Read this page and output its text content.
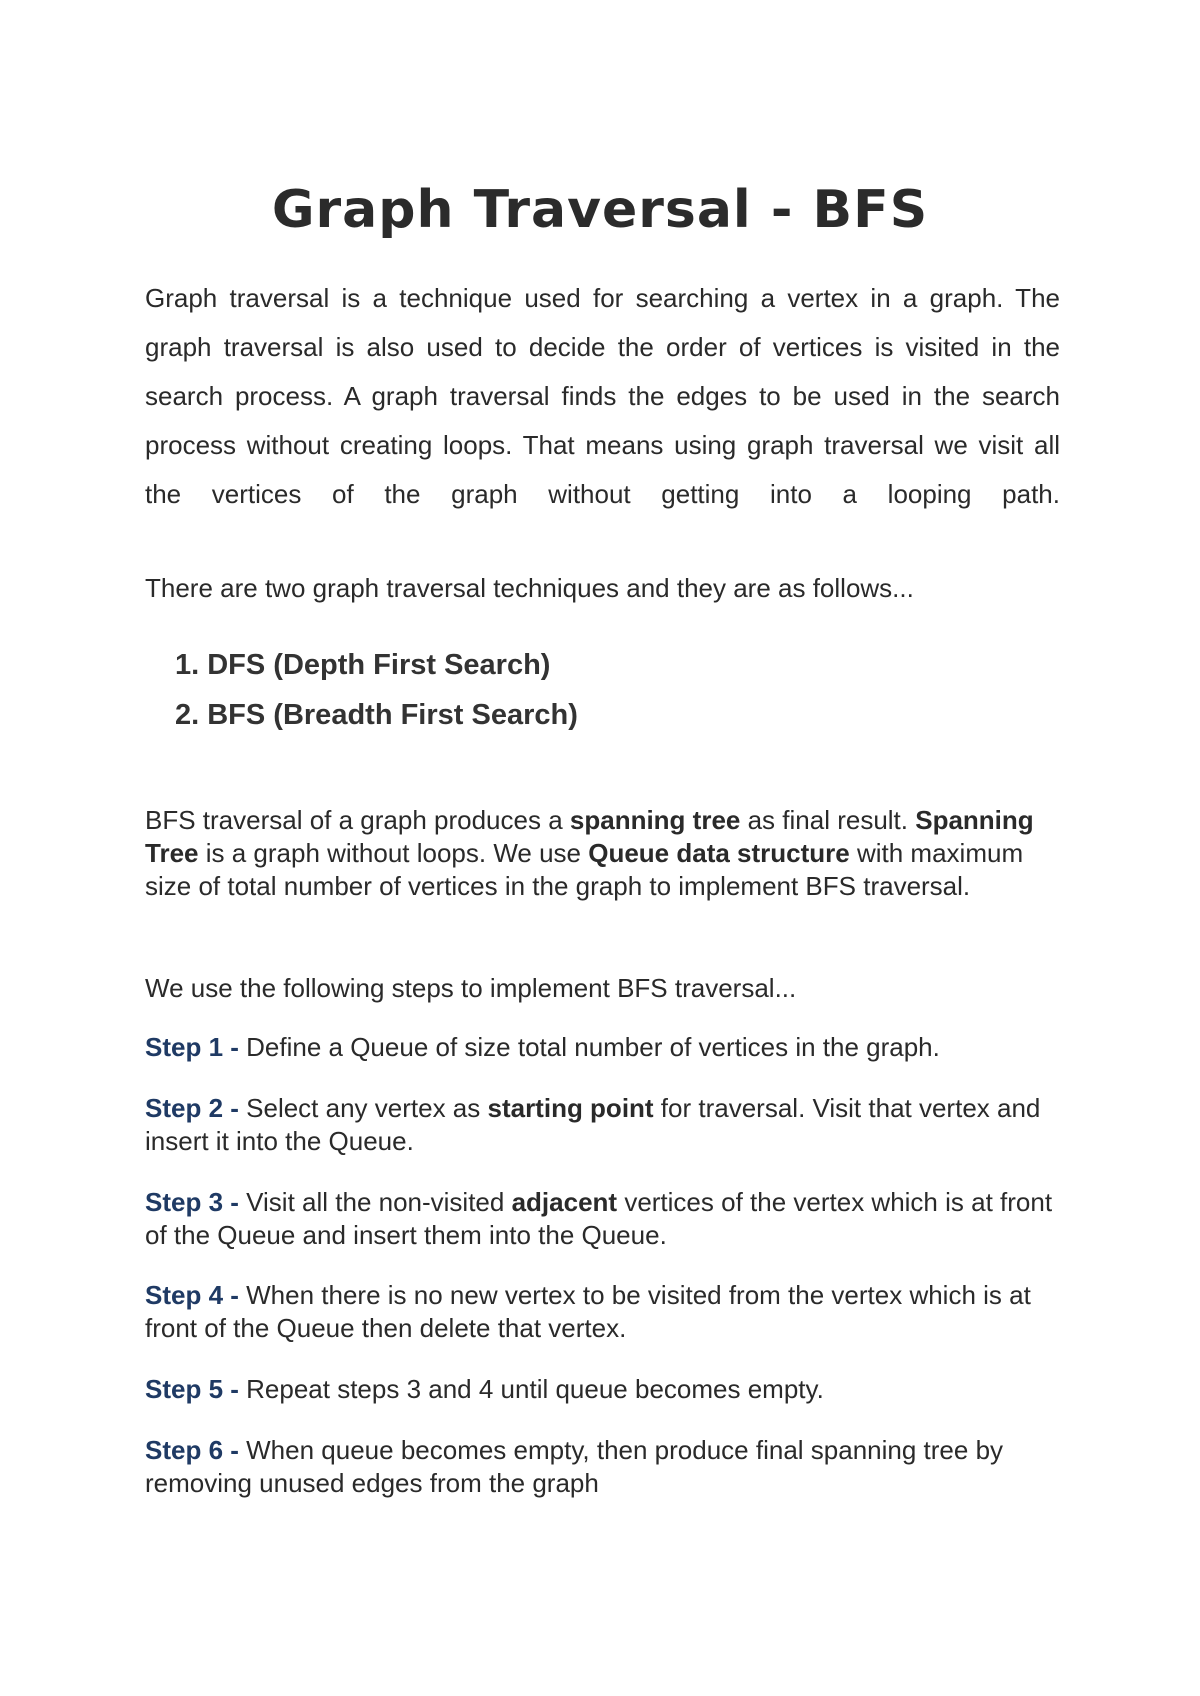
Graph Traversal - BFS

Graph traversal is a technique used for searching a vertex in a graph. The graph traversal is also used to decide the order of vertices is visited in the search process. A graph traversal finds the edges to be used in the search process without creating loops. That means using graph traversal we visit all the vertices of the graph without getting into a looping path.

There are two graph traversal techniques and they are as follows...

1. DFS (Depth First Search)
2. BFS (Breadth First Search)

BFS traversal of a graph produces a spanning tree as final result. Spanning Tree is a graph without loops. We use Queue data structure with maximum size of total number of vertices in the graph to implement BFS traversal.

We use the following steps to implement BFS traversal...

Step 1 - Define a Queue of size total number of vertices in the graph.

Step 2 - Select any vertex as starting point for traversal. Visit that vertex and insert it into the Queue.

Step 3 - Visit all the non-visited adjacent vertices of the vertex which is at front of the Queue and insert them into the Queue.

Step 4 - When there is no new vertex to be visited from the vertex which is at front of the Queue then delete that vertex.

Step 5 - Repeat steps 3 and 4 until queue becomes empty.

Step 6 - When queue becomes empty, then produce final spanning tree by removing unused edges from the graph
